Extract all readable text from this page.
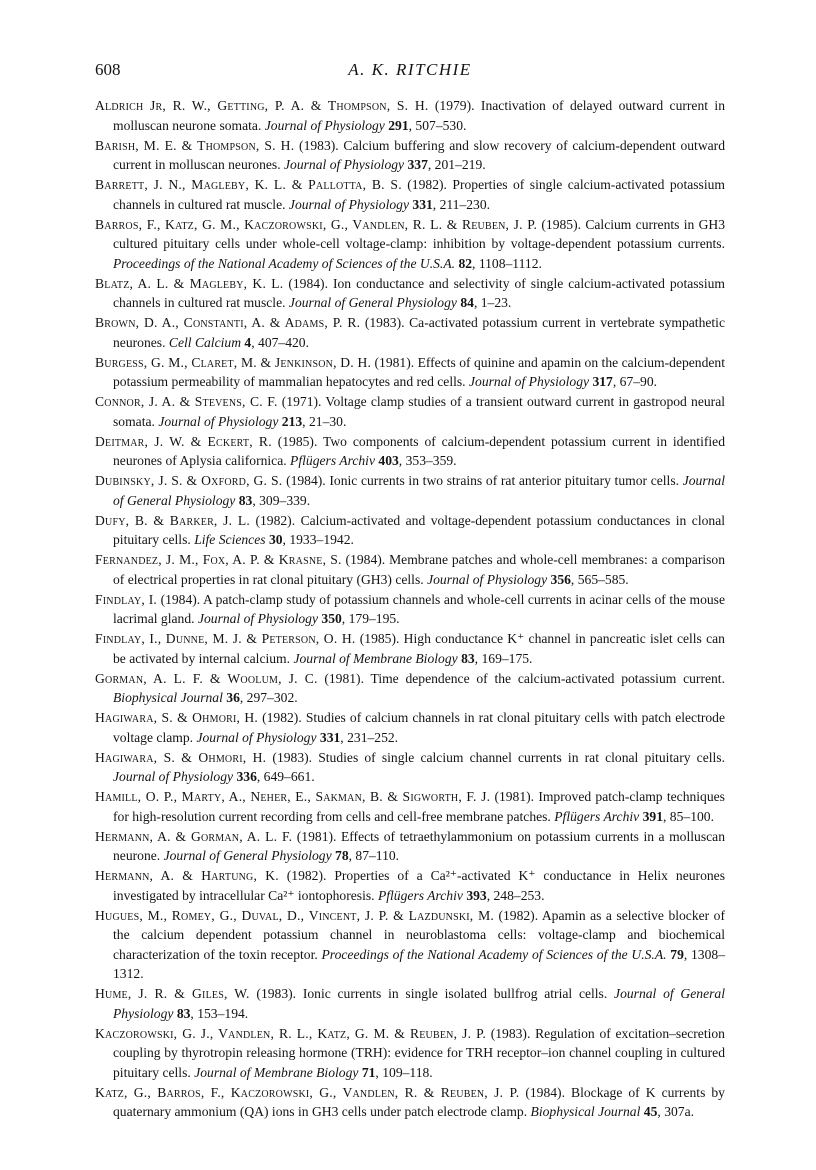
608	A. K. RITCHIE

Aldrich Jr, R. W., Getting, P. A. & Thompson, S. H. (1979). Inactivation of delayed outward current in molluscan neurone somata. Journal of Physiology 291, 507–530.

Barish, M. E. & Thompson, S. H. (1983). Calcium buffering and slow recovery of calcium-dependent outward current in molluscan neurones. Journal of Physiology 337, 201–219.

Barrett, J. N., Magleby, K. L. & Pallotta, B. S. (1982). Properties of single calcium-activated potassium channels in cultured rat muscle. Journal of Physiology 331, 211–230.

Barros, F., Katz, G. M., Kaczorowski, G., Vandlen, R. L. & Reuben, J. P. (1985). Calcium currents in GH3 cultured pituitary cells under whole-cell voltage-clamp: inhibition by voltage-dependent potassium currents. Proceedings of the National Academy of Sciences of the U.S.A. 82, 1108–1112.

Blatz, A. L. & Magleby, K. L. (1984). Ion conductance and selectivity of single calcium-activated potassium channels in cultured rat muscle. Journal of General Physiology 84, 1–23.

Brown, D. A., Constanti, A. & Adams, P. R. (1983). Ca-activated potassium current in vertebrate sympathetic neurones. Cell Calcium 4, 407–420.

Burgess, G. M., Claret, M. & Jenkinson, D. H. (1981). Effects of quinine and apamin on the calcium-dependent potassium permeability of mammalian hepatocytes and red cells. Journal of Physiology 317, 67–90.

Connor, J. A. & Stevens, C. F. (1971). Voltage clamp studies of a transient outward current in gastropod neural somata. Journal of Physiology 213, 21–30.

Deitmar, J. W. & Eckert, R. (1985). Two components of calcium-dependent potassium current in identified neurones of Aplysia californica. Pflügers Archiv 403, 353–359.

Dubinsky, J. S. & Oxford, G. S. (1984). Ionic currents in two strains of rat anterior pituitary tumor cells. Journal of General Physiology 83, 309–339.

Dufy, B. & Barker, J. L. (1982). Calcium-activated and voltage-dependent potassium conductances in clonal pituitary cells. Life Sciences 30, 1933–1942.

Fernandez, J. M., Fox, A. P. & Krasne, S. (1984). Membrane patches and whole-cell membranes: a comparison of electrical properties in rat clonal pituitary (GH3) cells. Journal of Physiology 356, 565–585.

Findlay, I. (1984). A patch-clamp study of potassium channels and whole-cell currents in acinar cells of the mouse lacrimal gland. Journal of Physiology 350, 179–195.

Findlay, I., Dunne, M. J. & Peterson, O. H. (1985). High conductance K⁺ channel in pancreatic islet cells can be activated by internal calcium. Journal of Membrane Biology 83, 169–175.

Gorman, A. L. F. & Woolum, J. C. (1981). Time dependence of the calcium-activated potassium current. Biophysical Journal 36, 297–302.

Hagiwara, S. & Ohmori, H. (1982). Studies of calcium channels in rat clonal pituitary cells with patch electrode voltage clamp. Journal of Physiology 331, 231–252.

Hagiwara, S. & Ohmori, H. (1983). Studies of single calcium channel currents in rat clonal pituitary cells. Journal of Physiology 336, 649–661.

Hamill, O. P., Marty, A., Neher, E., Sakman, B. & Sigworth, F. J. (1981). Improved patch-clamp techniques for high-resolution current recording from cells and cell-free membrane patches. Pflügers Archiv 391, 85–100.

Hermann, A. & Gorman, A. L. F. (1981). Effects of tetraethylammonium on potassium currents in a molluscan neurone. Journal of General Physiology 78, 87–110.

Hermann, A. & Hartung, K. (1982). Properties of a Ca²⁺-activated K⁺ conductance in Helix neurones investigated by intracellular Ca²⁺ iontophoresis. Pflügers Archiv 393, 248–253.

Hugues, M., Romey, G., Duval, D., Vincent, J. P. & Lazdunski, M. (1982). Apamin as a selective blocker of the calcium dependent potassium channel in neuroblastoma cells: voltage-clamp and biochemical characterization of the toxin receptor. Proceedings of the National Academy of Sciences of the U.S.A. 79, 1308–1312.

Hume, J. R. & Giles, W. (1983). Ionic currents in single isolated bullfrog atrial cells. Journal of General Physiology 83, 153–194.

Kaczorowski, G. J., Vandlen, R. L., Katz, G. M. & Reuben, J. P. (1983). Regulation of excitation–secretion coupling by thyrotropin releasing hormone (TRH): evidence for TRH receptor–ion channel coupling in cultured pituitary cells. Journal of Membrane Biology 71, 109–118.

Katz, G., Barros, F., Kaczorowski, G., Vandlen, R. & Reuben, J. P. (1984). Blockage of K currents by quaternary ammonium (QA) ions in GH3 cells under patch electrode clamp. Biophysical Journal 45, 307a.
